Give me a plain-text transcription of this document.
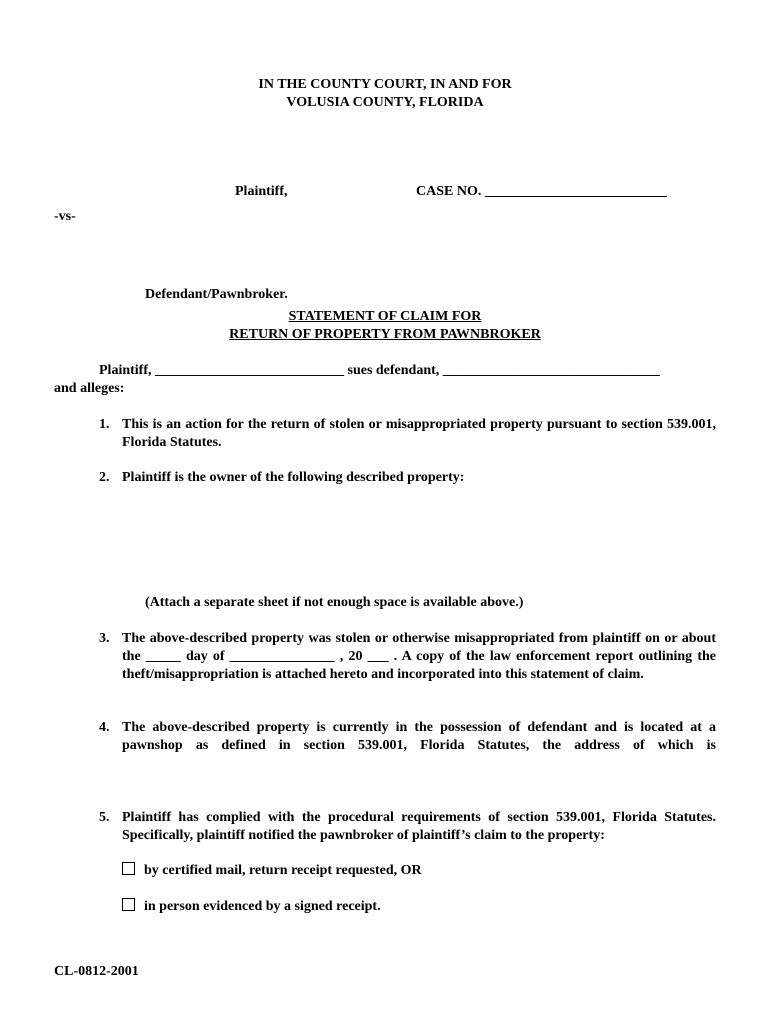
IN THE COUNTY COURT, IN AND FOR
VOLUSIA COUNTY, FLORIDA
Plaintiff,	CASE NO. __________________________
-vs-
Defendant/Pawnbroker.
STATEMENT OF CLAIM FOR
RETURN OF PROPERTY FROM PAWNBROKER
Plaintiff, ___________________________ sues defendant, _______________________________
and alleges:
1. This is an action for the return of stolen or misappropriated property pursuant to section 539.001, Florida Statutes.
2. Plaintiff is the owner of the following described property:
(Attach a separate sheet if not enough space is available above.)
3. The above-described property was stolen or otherwise misappropriated from plaintiff on or about the _____ day of _______________ , 20 ___ . A copy of the law enforcement report outlining the theft/misappropriation is attached hereto and incorporated into this statement of claim.
4. The above-described property is currently in the possession of defendant and is located at a pawnshop as defined in section 539.001, Florida Statutes, the address of which is
5. Plaintiff has complied with the procedural requirements of section 539.001, Florida Statutes. Specifically, plaintiff notified the pawnbroker of plaintiff’s claim to the property:
by certified mail, return receipt requested, OR
in person evidenced by a signed receipt.
CL-0812-2001
